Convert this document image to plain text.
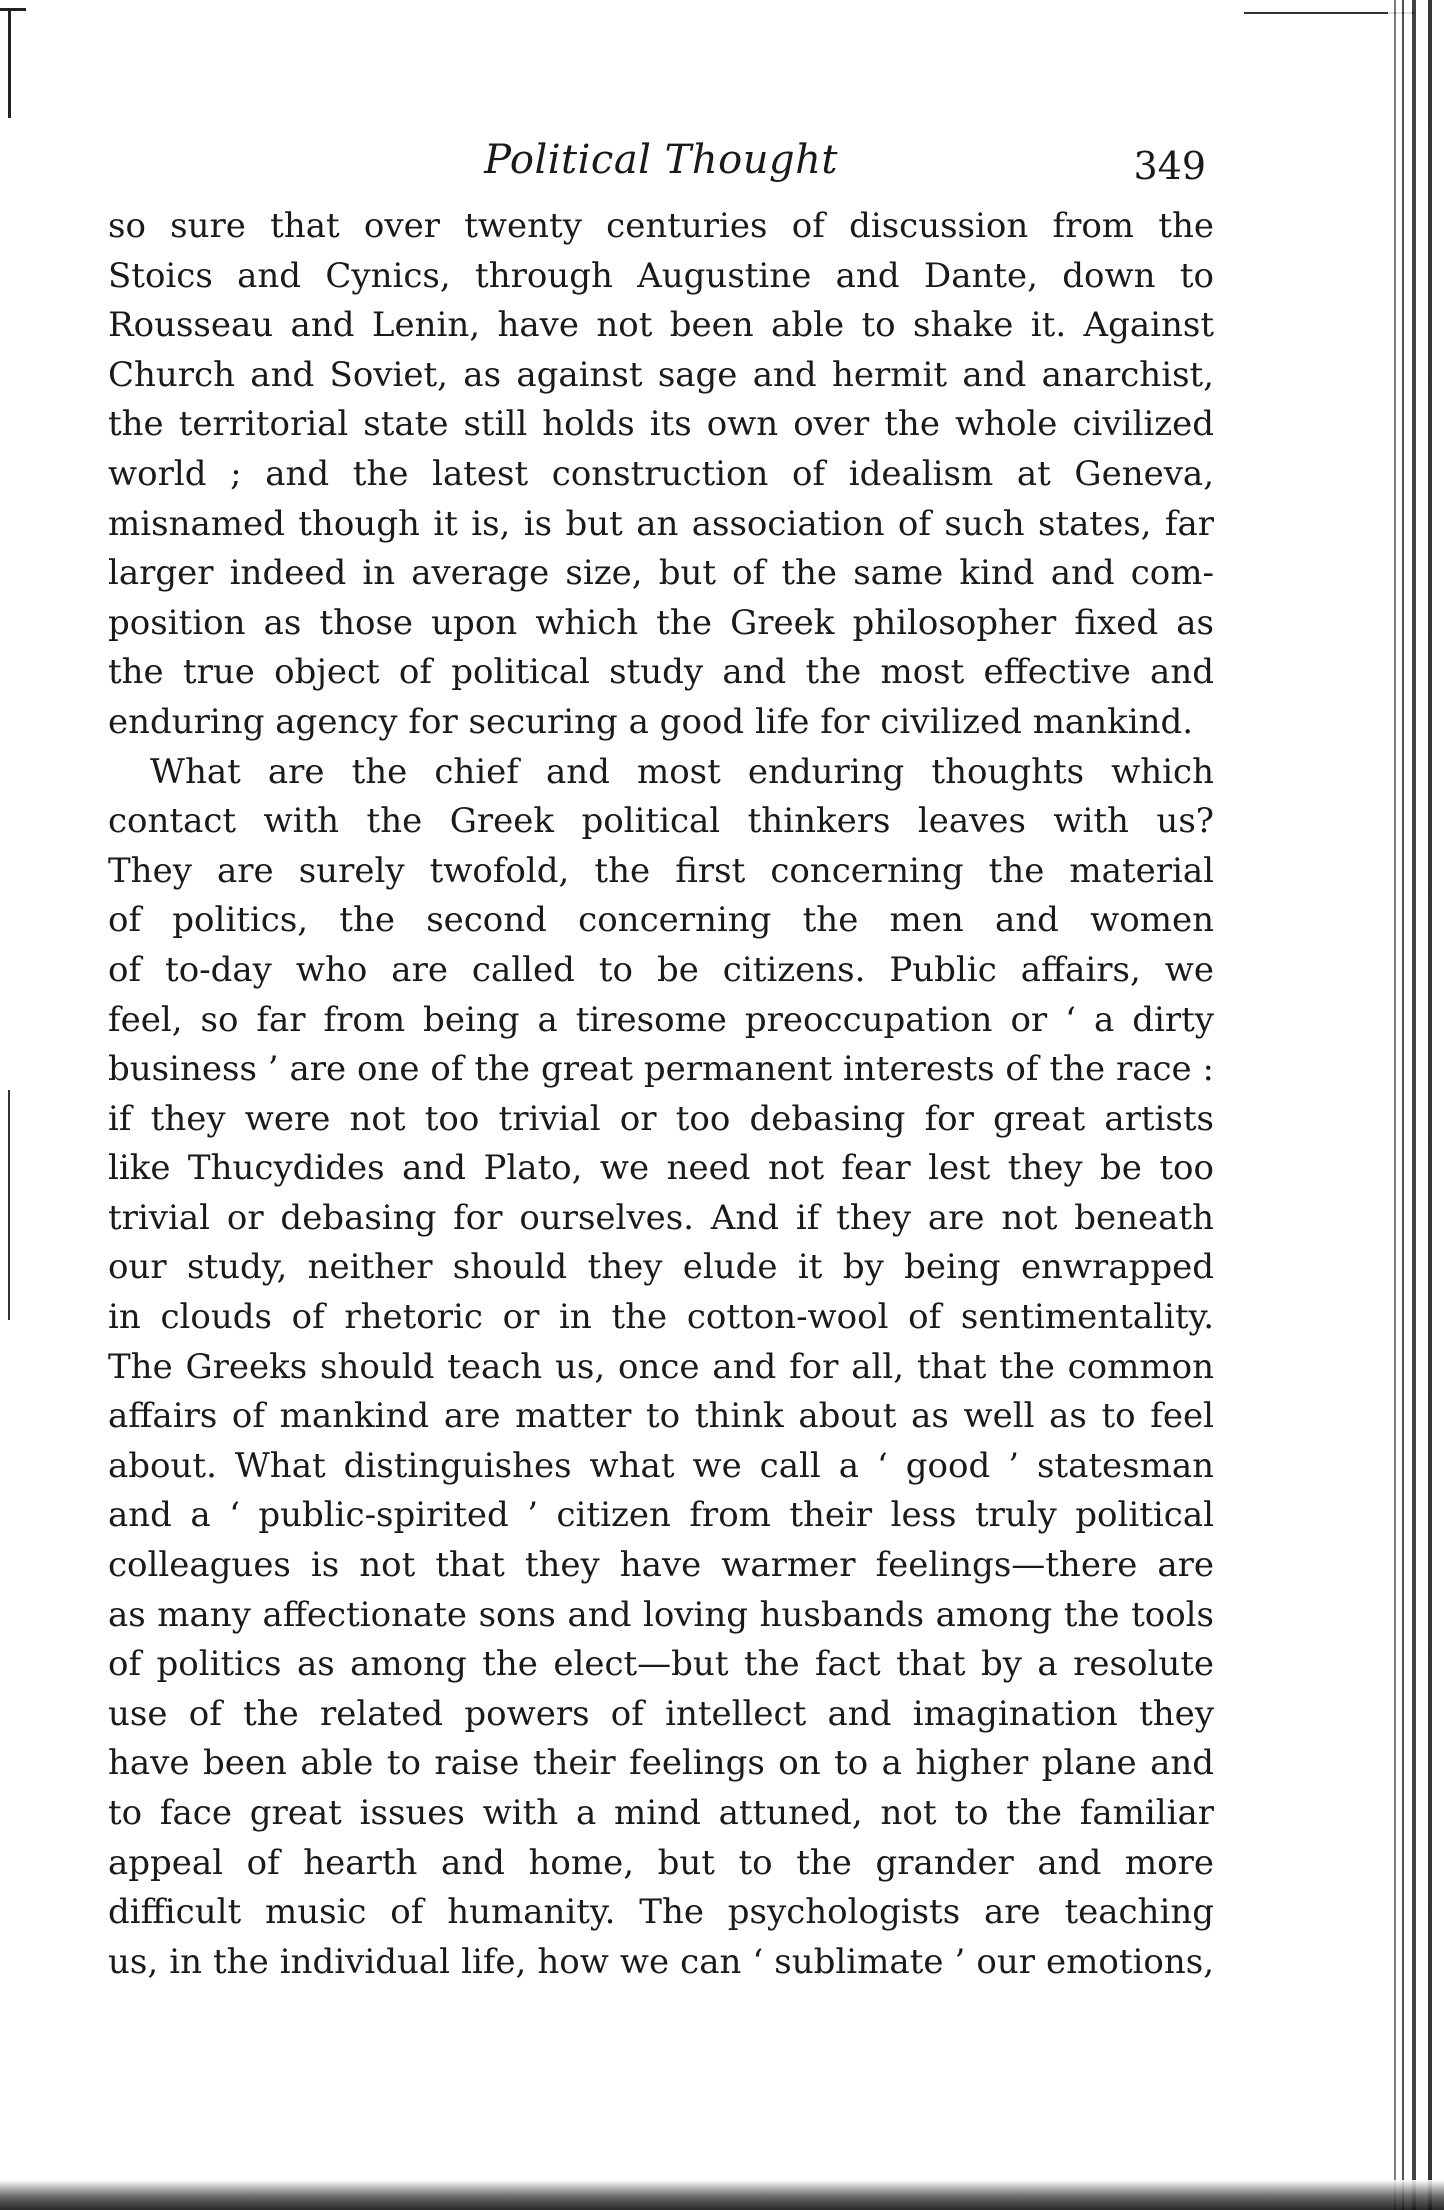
Political Thought	349
so sure that over twenty centuries of discussion from the
Stoics and Cynics, through Augustine and Dante, down to
Rousseau and Lenin, have not been able to shake it. Against
Church and Soviet, as against sage and hermit and anarchist,
the territorial state still holds its own over the whole civilized
world ; and the latest construction of idealism at Geneva,
misnamed though it is, is but an association of such states, far
larger indeed in average size, but of the same kind and com-
position as those upon which the Greek philosopher fixed as
the true object of political study and the most effective and
enduring agency for securing a good life for civilized mankind.
What are the chief and most enduring thoughts which
contact with the Greek political thinkers leaves with us?
They are surely twofold, the first concerning the material
of politics, the second concerning the men and women
of to-day who are called to be citizens. Public affairs, we
feel, so far from being a tiresome preoccupation or ‘ a dirty
business ’ are one of the great permanent interests of the race :
if they were not too trivial or too debasing for great artists
like Thucydides and Plato, we need not fear lest they be too
trivial or debasing for ourselves. And if they are not beneath
our study, neither should they elude it by being enwrapped
in clouds of rhetoric or in the cotton-wool of sentimentality.
The Greeks should teach us, once and for all, that the common
affairs of mankind are matter to think about as well as to feel
about. What distinguishes what we call a ‘ good ’ statesman
and a ‘ public-spirited ’ citizen from their less truly political
colleagues is not that they have warmer feelings—there are
as many affectionate sons and loving husbands among the tools
of politics as among the elect—but the fact that by a resolute
use of the related powers of intellect and imagination they
have been able to raise their feelings on to a higher plane and
to face great issues with a mind attuned, not to the familiar
appeal of hearth and home, but to the grander and more
difficult music of humanity. The psychologists are teaching
us, in the individual life, how we can ‘ sublimate ’ our emotions,
